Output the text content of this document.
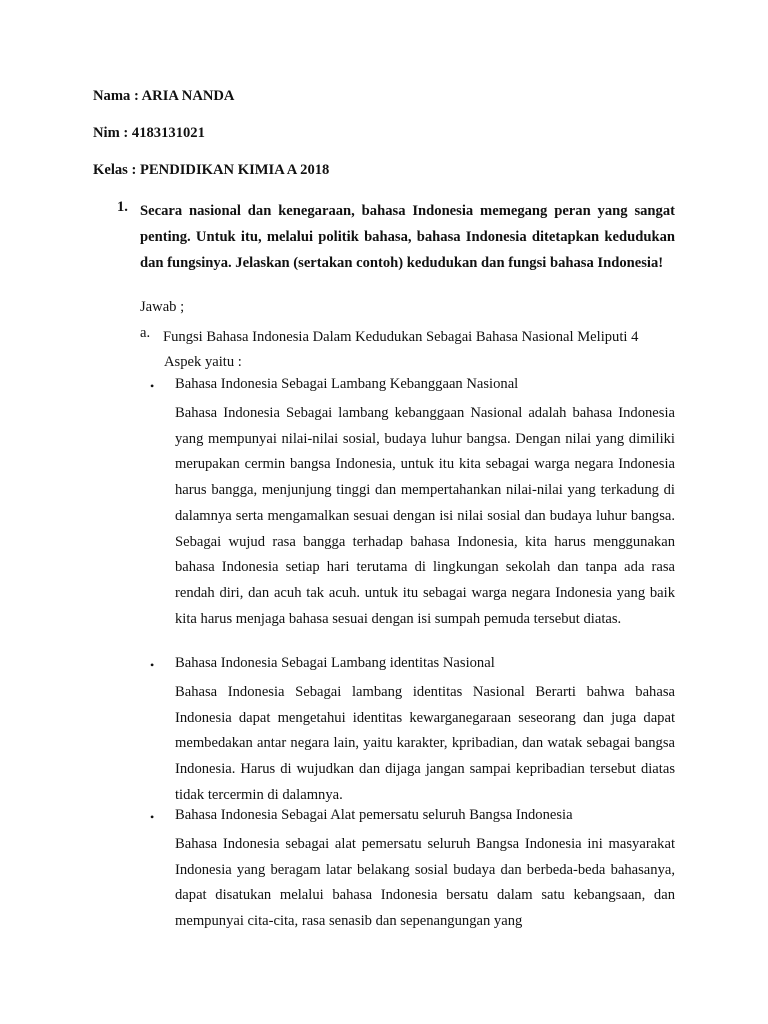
Nama : ARIA NANDA
Nim : 4183131021
Kelas : PENDIDIKAN KIMIA A 2018
1. Secara nasional dan kenegaraan, bahasa Indonesia memegang peran yang sangat penting. Untuk itu, melalui politik bahasa, bahasa Indonesia ditetapkan kedudukan dan fungsinya. Jelaskan (sertakan contoh) kedudukan dan fungsi bahasa Indonesia!
Jawab ;
a. Fungsi Bahasa Indonesia Dalam Kedudukan Sebagai Bahasa Nasional Meliputi 4
Aspek yaitu :
• Bahasa Indonesia Sebagai Lambang Kebanggaan Nasional
Bahasa Indonesia Sebagai lambang kebanggaan Nasional adalah bahasa Indonesia yang mempunyai nilai-nilai sosial, budaya luhur bangsa. Dengan nilai yang dimiliki merupakan cermin bangsa Indonesia, untuk itu kita sebagai warga negara Indonesia harus bangga, menjunjung tinggi dan mempertahankan nilai-nilai yang terkadung di dalamnya serta mengamalkan sesuai dengan isi nilai sosial dan budaya luhur bangsa. Sebagai wujud rasa bangga terhadap bahasa Indonesia, kita harus menggunakan bahasa Indonesia setiap hari terutama di lingkungan sekolah dan tanpa ada rasa rendah diri, dan acuh tak acuh. untuk itu sebagai warga negara Indonesia yang baik kita harus menjaga bahasa sesuai dengan isi sumpah pemuda tersebut diatas.
• Bahasa Indonesia Sebagai Lambang identitas Nasional
Bahasa Indonesia Sebagai lambang identitas Nasional Berarti bahwa bahasa Indonesia dapat mengetahui identitas kewarganegaraan seseorang dan juga dapat membedakan antar negara lain, yaitu karakter, kpribadian, dan watak sebagai bangsa Indonesia. Harus di wujudkan dan dijaga jangan sampai kepribadian tersebut diatas tidak tercermin di dalamnya.
• Bahasa Indonesia Sebagai Alat pemersatu seluruh Bangsa Indonesia
Bahasa Indonesia sebagai alat pemersatu seluruh Bangsa Indonesia ini masyarakat Indonesia yang beragam latar belakang sosial budaya dan berbeda-beda bahasanya, dapat disatukan melalui bahasa Indonesia bersatu dalam satu kebangsaan, dan mempunyai cita-cita, rasa senasib dan sepenangungan yang
